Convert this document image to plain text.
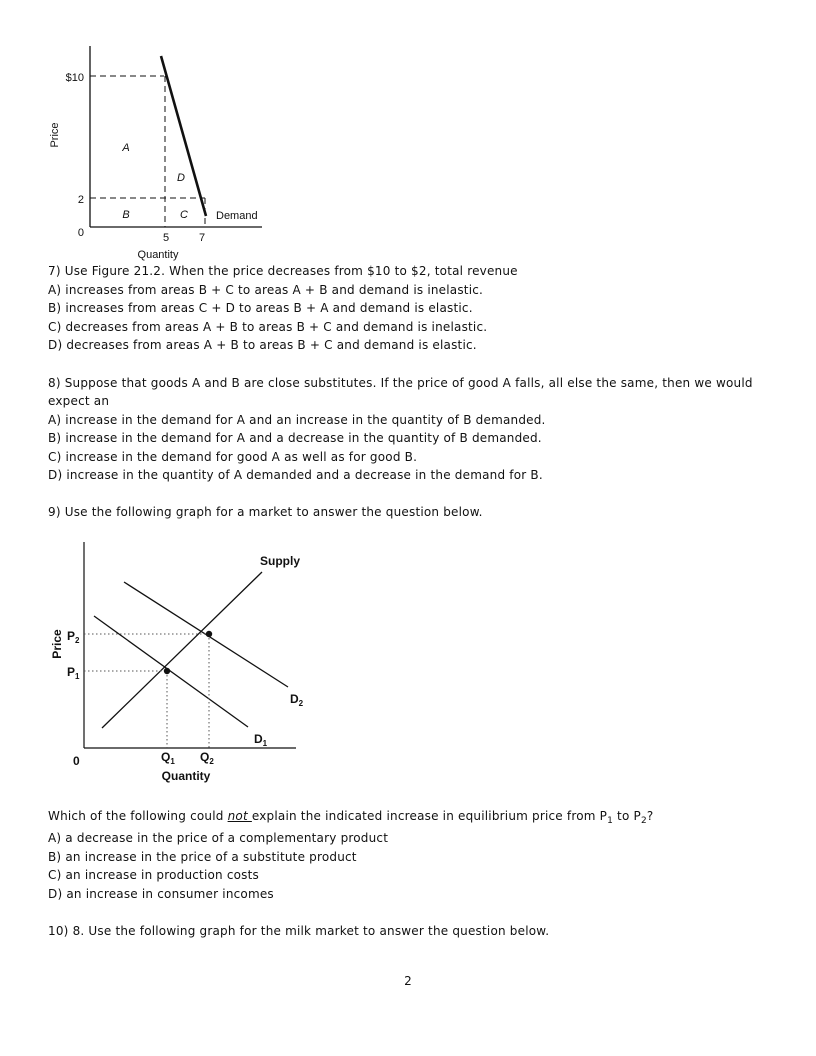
$10
2
0	5	7
Quantity
Price
A
D
B	C	Demand
7) Use Figure 21.2. When the price decreases from $10 to $2, total revenue
A) increases from areas B + C to areas A + B and demand is inelastic.
B) increases from areas C + D to areas B + A and demand is elastic.
C) decreases from areas A + B to areas B + C and demand is inelastic.
D) decreases from areas A + B to areas B + C and demand is elastic.
8) Suppose that goods A and B are close substitutes. If the price of good A falls, all else the same, then we would expect an
A) increase in the demand for A and an increase in the quantity of B demanded.
B) increase in the demand for A and a decrease in the quantity of B demanded.
C) increase in the demand for good A as well as for good B.
D) increase in the quantity of A demanded and a decrease in the demand for B.
9) Use the following graph for a market to answer the question below.
Supply
Price $P_2$
$P_1$
0	$Q_1$ $Q_2$
Quantity
$D_2$
$D_1$
Which of the following could not explain the indicated increase in equilibrium price from $P_1$ to $P_2$?
A) a decrease in the price of a complementary product
B) an increase in the price of a substitute product
C) an increase in production costs
D) an increase in consumer incomes
10) 8. Use the following graph for the milk market to answer the question below.
2
